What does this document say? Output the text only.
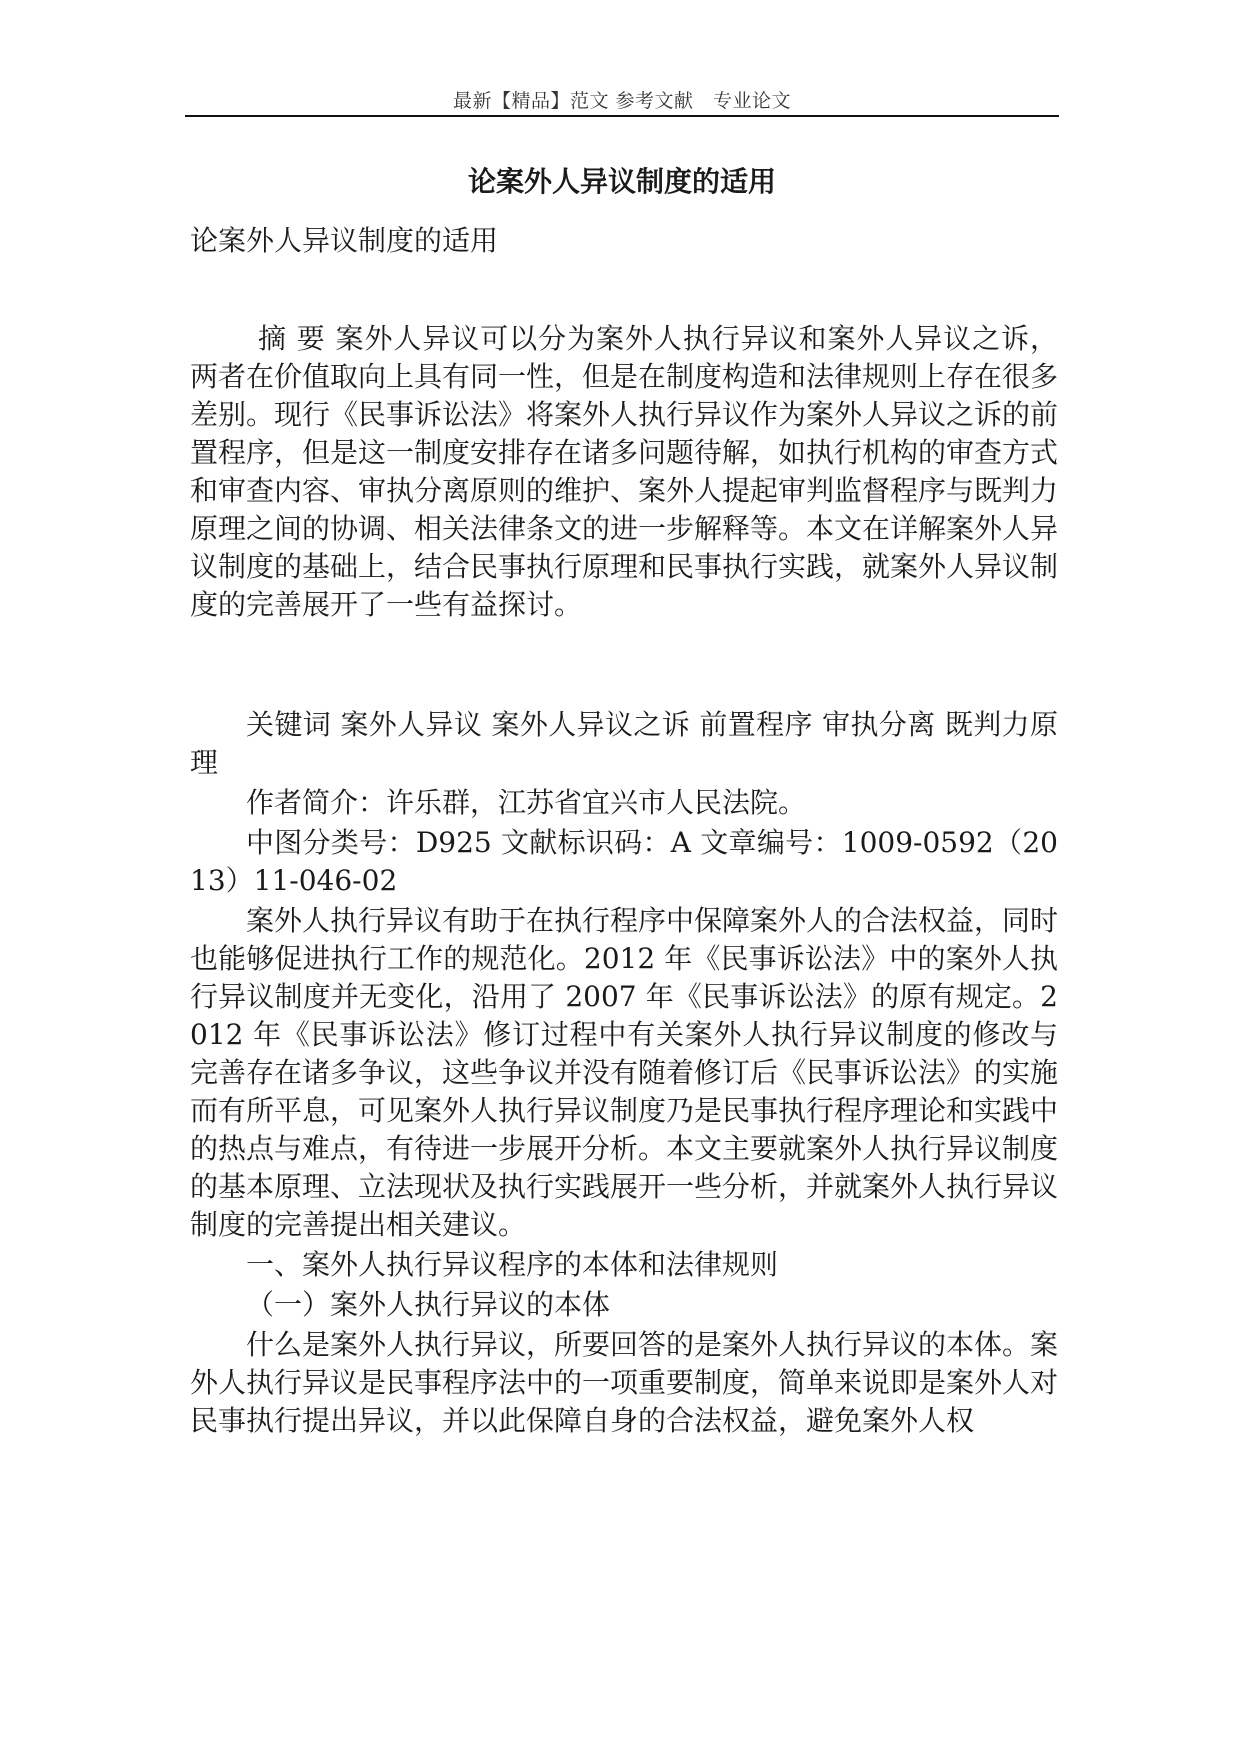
最新【精品】范文 参考文献　专业论文
论案外人异议制度的适用

论案外人异议制度的适用

摘 要 案外人异议可以分为案外人执行异议和案外人异议之诉，两者在价值取向上具有同一性，但是在制度构造和法律规则上存在很多差别。现行《民事诉讼法》将案外人执行异议作为案外人异议之诉的前置程序，但是这一制度安排存在诸多问题待解，如执行机构的审查方式和审查内容、审执分离原则的维护、案外人提起审判监督程序与既判力原理之间的协调、相关法律条文的进一步解释等。本文在详解案外人异议制度的基础上，结合民事执行原理和民事执行实践，就案外人异议制度的完善展开了一些有益探讨。

关键词 案外人异议 案外人异议之诉 前置程序 审执分离 既判力原理

作者简介：许乐群，江苏省宜兴市人民法院。

中图分类号：D925 文献标识码：A 文章编号：1009-0592（2013）11-046-02

案外人执行异议有助于在执行程序中保障案外人的合法权益，同时也能够促进执行工作的规范化。2012 年《民事诉讼法》中的案外人执行异议制度并无变化，沿用了 2007 年《民事诉讼法》的原有规定。2012 年《民事诉讼法》修订过程中有关案外人执行异议制度的修改与完善存在诸多争议，这些争议并没有随着修订后《民事诉讼法》的实施而有所平息，可见案外人执行异议制度乃是民事执行程序理论和实践中的热点与难点，有待进一步展开分析。本文主要就案外人执行异议制度的基本原理、立法现状及执行实践展开一些分析，并就案外人执行异议制度的完善提出相关建议。

一、案外人执行异议程序的本体和法律规则

（一）案外人执行异议的本体

什么是案外人执行异议，所要回答的是案外人执行异议的本体。案外人执行异议是民事程序法中的一项重要制度，简单来说即是案外人对民事执行提出异议，并以此保障自身的合法权益，避免案外人权
